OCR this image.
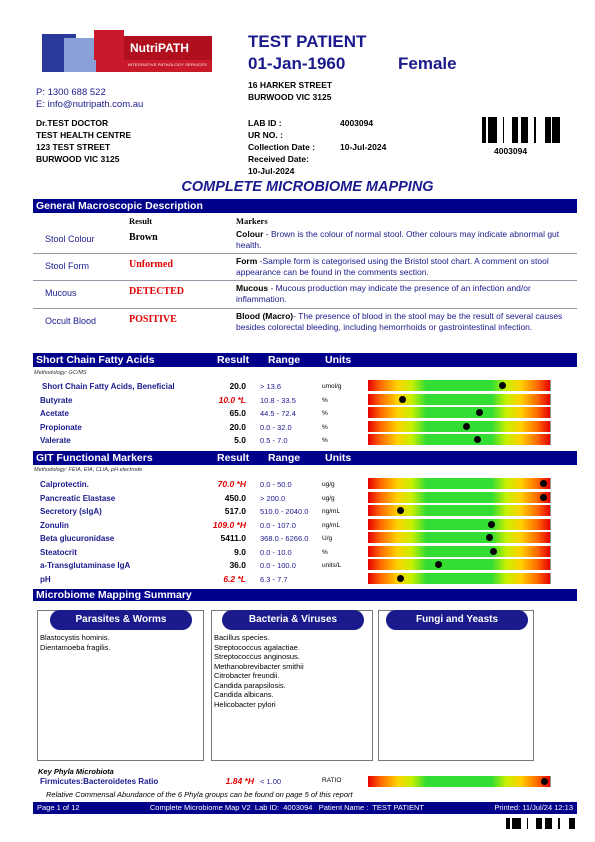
NutriPATH
INTEGRATIVE PATHOLOGY SERVICES
P: 1300 688 522
E: info@nutripath.com.au
TEST PATIENT
01-Jan-1960	Female
16 HARKER STREET
BURWOOD VIC 3125
Dr.TEST DOCTOR
TEST HEALTH CENTRE
123 TEST STREET
BURWOOD VIC 3125
LAB ID :	4003094
UR NO. :
Collection Date :	10-Jul-2024
Received Date:
10-Jul-2024
4003094
COMPLETE MICROBIOME MAPPING
General Macroscopic Description
Result	Markers
Stool Colour	Brown	Colour - Brown is the colour of normal stool. Other colours may indicate abnormal gut health.
Stool Form	Unformed	Form -Sample form is categorised using the Bristol stool chart. A comment on stool appearance can be found in the comments section.
Mucous	DETECTED	Mucous - Mucous production may indicate the presence of an infection and/or inflammation.
Occult Blood	POSITIVE	Blood (Macro)- The presence of blood in the stool may be the result of several causes besides colorectal bleeding, including hemorrhoids or gastrointestinal infection.
Short Chain Fatty Acids	Result Range Units
Methodology: GC/MS
Short Chain Fatty Acids, Beneficial	20.0 > 13.6	umol/g
Butyrate	10.0 *L 10.8 - 33.5	%
Acetate	65.0 44.5 - 72.4	%
Propionate	20.0 0.0 - 32.0	%
Valerate	5.0 0.5 - 7.0	%
GIT Functional Markers	Result Range Units
Methodology: FEIA, EIA, CLIA, pH electrode
Calprotectin.	70.0 *H 0.0 - 50.0	ug/g
Pancreatic Elastase	450.0 > 200.0	ug/g
Secretory (sIgA)	517.0 510.0 - 2040.0 ng/mL
Zonulin	109.0 *H 0.0 - 107.0	ng/mL
Beta glucuronidase	5411.0 368.0 - 6266.0 U/g
Steatocrit	9.0 0.0 - 10.0	%
a-Transglutaminase IgA	36.0 0.0 - 100.0	units/L
pH	6.2 *L 6.3 - 7.7
Microbiome Mapping Summary
Parasites & Worms
Blastocystis hominis.
Dientamoeba fragilis.
Bacteria & Viruses
Bacillus species.
Streptococcus agalactiae.
Streptococcus anginosus.
Methanobrevibacter smithii
Citrobacter freundii.
Candida parapsilosis.
Candida albicans.
Helicobacter pylori
Fungi and Yeasts
Key Phyla Microbiota
Firmicutes:Bacteroidetes Ratio	1.84 *H < 1.00	RATIO
Relative Commensal Abundance of the 6 Phyla groups can be found on page 5 of this report
Page 1 of 12	Complete Microbiome Map V2  Lab ID:  4003094   Patient Name :  TEST PATIENT	Printed: 11/Jul/24 12:13
